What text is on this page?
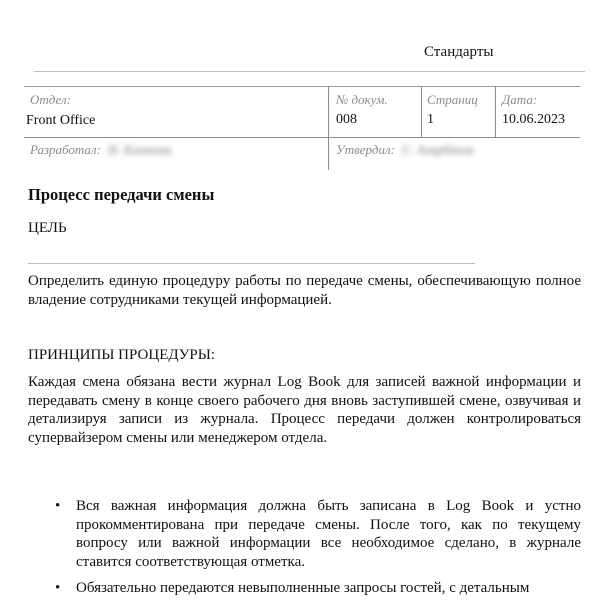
Стандарты
Отдел:
Front Office
№ докум.
008
Страниц
1
Дата:
10.06.2023
Разработал: Н. Камнева	Утвердил: С. Азарбеков
Процесс передачи смены
ЦЕЛЬ
Определить единую процедуру работы по передаче смены, обеспечивающую полное владение сотрудниками текущей информацией.
ПРИНЦИПЫ ПРОЦЕДУРЫ:
Каждая смена обязана вести журнал Log Book для записей важной информации и передавать смену в конце своего рабочего дня вновь заступившей смене, озвучивая и детализируя записи из журнала. Процесс передачи должен контролироваться супервайзером смены или менеджером отдела.
• Вся важная информация должна быть записана в Log Book и устно прокомментирована при передаче смены. После того, как по текущему вопросу или важной информации все необходимое сделано, в журнале ставится соответствующая отметка.
• Обязательно передаются невыполненные запросы гостей, с детальным
